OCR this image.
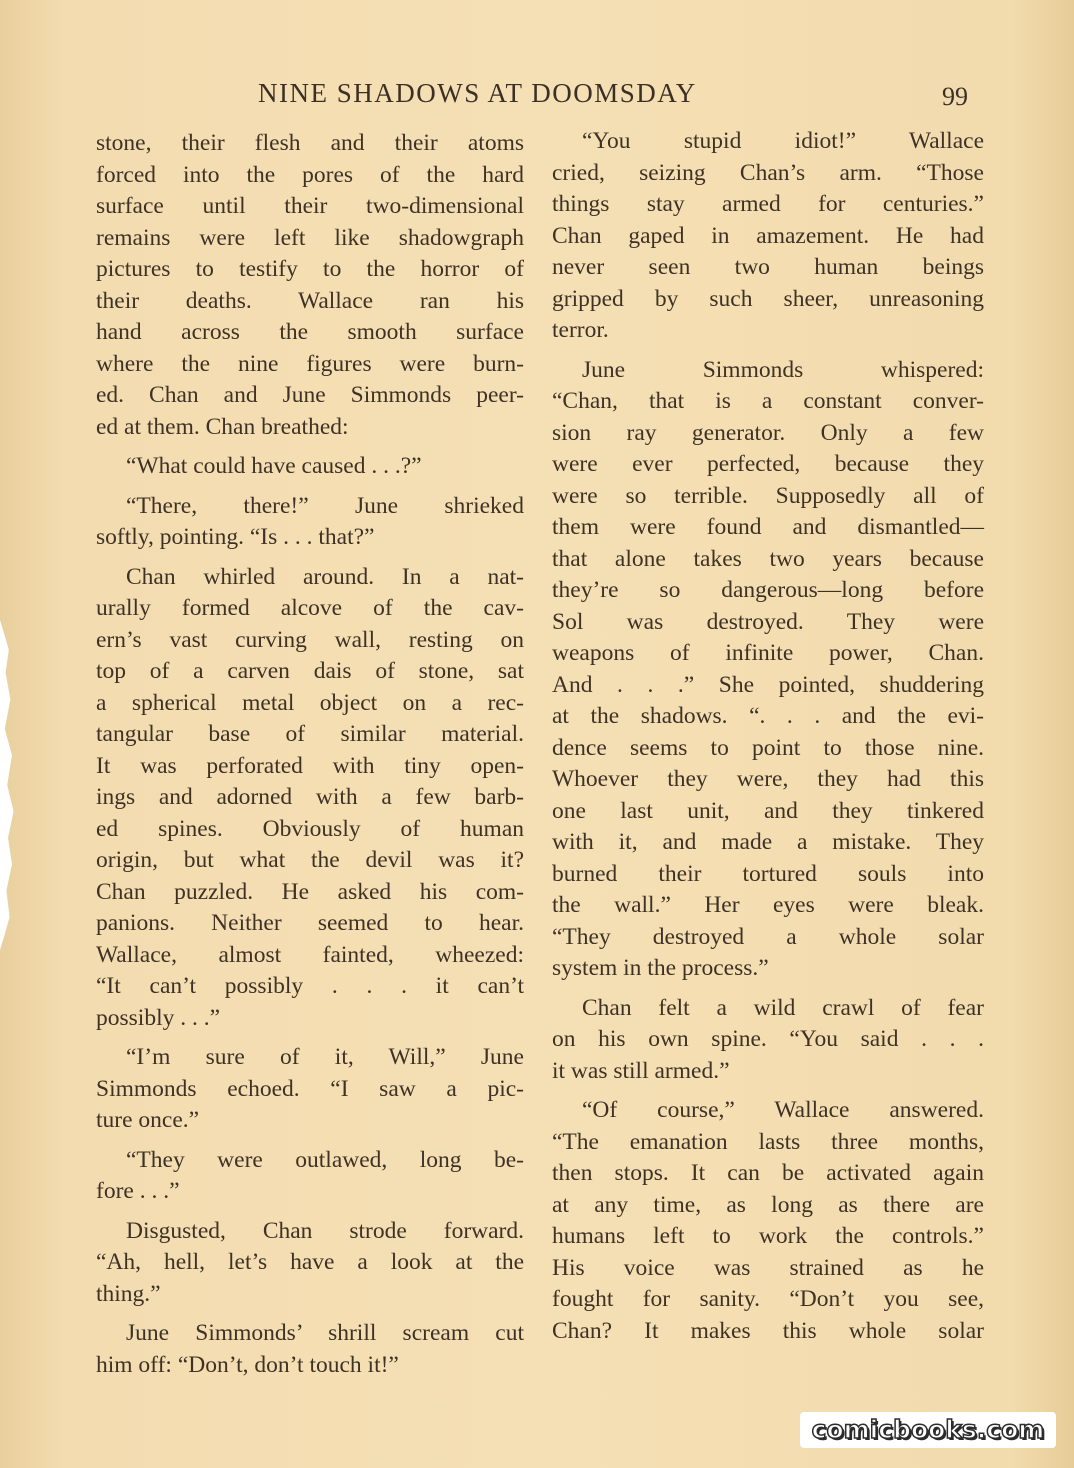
NINE SHADOWS AT DOOMSDAY	99
stone, their flesh and their atoms
forced into the pores of the hard
surface until their two-dimensional
remains were left like shadowgraph
pictures to testify to the horror of
their deaths. Wallace ran his
hand across the smooth surface
where the nine figures were burn-
ed. Chan and June Simmonds peer-
ed at them. Chan breathed:
“What could have caused . . .?”
“There, there!” June shrieked
softly, pointing. “Is . . . that?”
Chan whirled around. In a nat-
urally formed alcove of the cav-
ern’s vast curving wall, resting on
top of a carven dais of stone, sat
a spherical metal object on a rec-
tangular base of similar material.
It was perforated with tiny open-
ings and adorned with a few barb-
ed spines. Obviously of human
origin, but what the devil was it?
Chan puzzled. He asked his com-
panions. Neither seemed to hear.
Wallace, almost fainted, wheezed:
“It can’t possibly . . . it can’t
possibly . . .”
“I’m sure of it, Will,” June
Simmonds echoed. “I saw a pic-
ture once.”
“They were outlawed, long be-
fore . . .”
Disgusted, Chan strode forward.
“Ah, hell, let’s have a look at the
thing.”
June Simmonds’ shrill scream cut
him off: “Don’t, don’t touch it!”
“You stupid idiot!” Wallace
cried, seizing Chan’s arm. “Those
things stay armed for centuries.”
Chan gaped in amazement. He had
never seen two human beings
gripped by such sheer, unreasoning
terror.
June Simmonds whispered:
“Chan, that is a constant conver-
sion ray generator. Only a few
were ever perfected, because they
were so terrible. Supposedly all of
them were found and dismantled—
that alone takes two years because
they’re so dangerous—long before
Sol was destroyed. They were
weapons of infinite power, Chan.
And . . .” She pointed, shuddering
at the shadows. “. . . and the evi-
dence seems to point to those nine.
Whoever they were, they had this
one last unit, and they tinkered
with it, and made a mistake. They
burned their tortured souls into
the wall.” Her eyes were bleak.
“They destroyed a whole solar
system in the process.”
Chan felt a wild crawl of fear
on his own spine. “You said . . .
it was still armed.”
“Of course,” Wallace answered.
“The emanation lasts three months,
then stops. It can be activated again
at any time, as long as there are
humans left to work the controls.”
His voice was strained as he
fought for sanity. “Don’t you see,
Chan? It makes this whole solar
comicbooks.com
